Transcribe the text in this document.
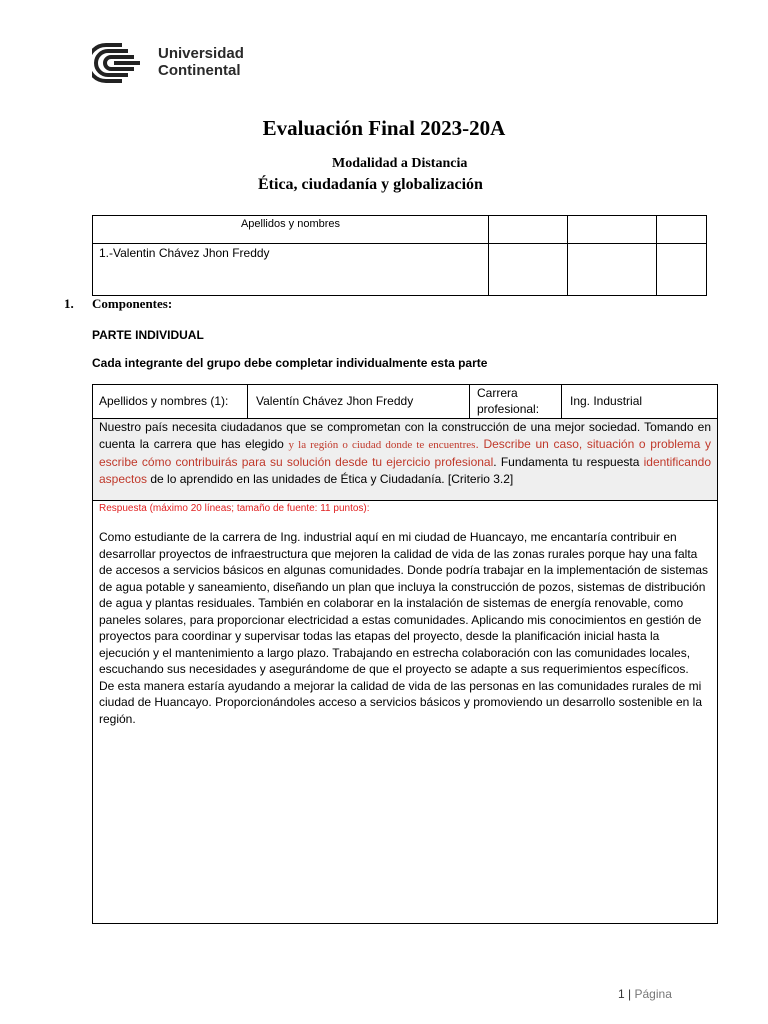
Universidad
Continental
Evaluación Final 2023-20A
Modalidad a Distancia
Ética, ciudadanía y globalización
Apellidos y nombres			

1.-Valentin Chávez Jhon Freddy			

1. Componentes:
PARTE INDIVIDUAL
Cada integrante del grupo debe completar individualmente esta parte
Apellidos y nombres (1):	Valentín Chávez Jhon Freddy
Carrera profesional:
Ing. Industrial
Nuestro país necesita ciudadanos que se comprometan con la construcción de una mejor sociedad. Tomando en cuenta la carrera que has elegido y la región o ciudad donde te encuentres. Describe un caso, situación o problema y escribe cómo contribuirás para su solución desde tu ejercicio profesional. Fundamenta tu respuesta identificando aspectos de lo aprendido en las unidades de Ética y Ciudadanía. [Criterio 3.2]
Respuesta (máximo 20 líneas; tamaño de fuente: 11 puntos):

Como estudiante de la carrera de Ing. industrial aquí en mi ciudad de Huancayo, me encantaría contribuir en desarrollar proyectos de infraestructura que mejoren la calidad de vida de las zonas rurales porque hay una falta de accesos a servicios básicos en algunas comunidades. Donde podría trabajar en la implementación de sistemas de agua potable y saneamiento, diseñando un plan que incluya la construcción de pozos, sistemas de distribución de agua y plantas residuales. También en colaborar en la instalación de sistemas de energía renovable, como paneles solares, para proporcionar electricidad a estas comunidades. Aplicando mis conocimientos en gestión de proyectos para coordinar y supervisar todas las etapas del proyecto, desde la planificación inicial hasta la ejecución y el mantenimiento a largo plazo. Trabajando en estrecha colaboración con las comunidades locales, escuchando sus necesidades y asegurándome de que el proyecto se adapte a sus requerimientos específicos.

De esta manera estaría ayudando a mejorar la calidad de vida de las personas en las comunidades rurales de mi ciudad de Huancayo. Proporcionándoles acceso a servicios básicos y promoviendo un desarrollo sostenible en la región.

1 | Página
